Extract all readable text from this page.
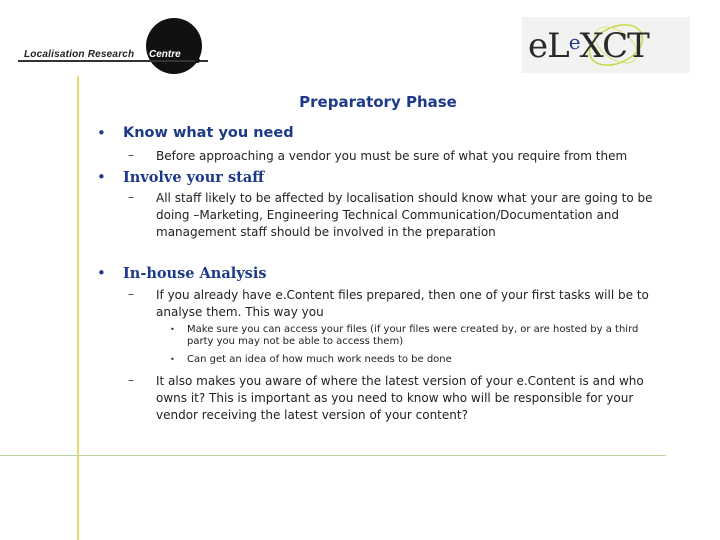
Localisation Research Centre	eLeXCT
Preparatory Phase
• Know what you need
– Before approaching a vendor you must be sure of what you require from them
• Involve your staff
– All staff likely to be affected by localisation should know what your are going to be doing –Marketing, Engineering Technical Communication/Documentation and management staff should be involved in the preparation
• In-house Analysis
– If you already have e.Content files prepared, then one of your first tasks will be to analyse them. This way you
• Make sure you can access your files (if your files were created by, or are hosted by a third party you may not be able to access them)
• Can get an idea of how much work needs to be done
– It also makes you aware of where the latest version of your e.Content is and who owns it? This is important as you need to know who will be responsible for your vendor receiving the latest version of your content?
